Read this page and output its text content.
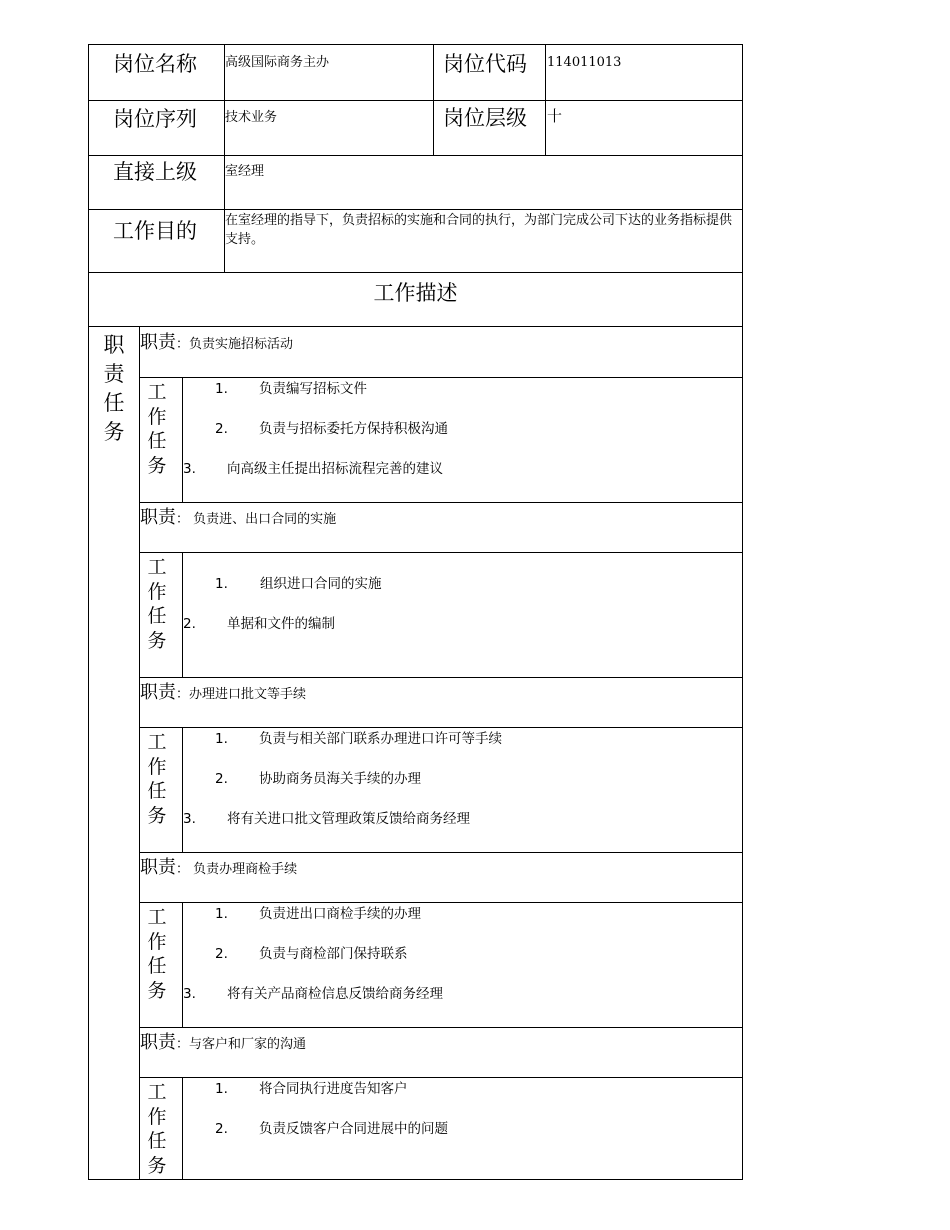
岗位名称 高级国际商务主办	岗位代码 114011013
岗位序列 技术业务	岗位层级 十
直接上级 室经理
工作目的 在室经理的指导下，负责招标的实施和合同的执行，为部门完成公司下达的业务指标提供支持。
工作描述
职
责
任
务
职责：负责实施招标活动
工
作
任
务
1. 负责编写招标文件
2. 负责与招标委托方保持积极沟通
3. 向高级主任提出招标流程完善的建议
职责： 负责进、出口合同的实施
工
作
任
务
1. 组织进口合同的实施
2. 单据和文件的编制
职责：办理进口批文等手续
工
作
任
务
1. 负责与相关部门联系办理进口许可等手续
2. 协助商务员海关手续的办理
3. 将有关进口批文管理政策反馈给商务经理
职责： 负责办理商检手续
工
作
任
务
1. 负责进出口商检手续的办理
2. 负责与商检部门保持联系
3. 将有关产品商检信息反馈给商务经理
职责：与客户和厂家的沟通
工
作
任
务
1. 将合同执行进度告知客户
2. 负责反馈客户合同进展中的问题
